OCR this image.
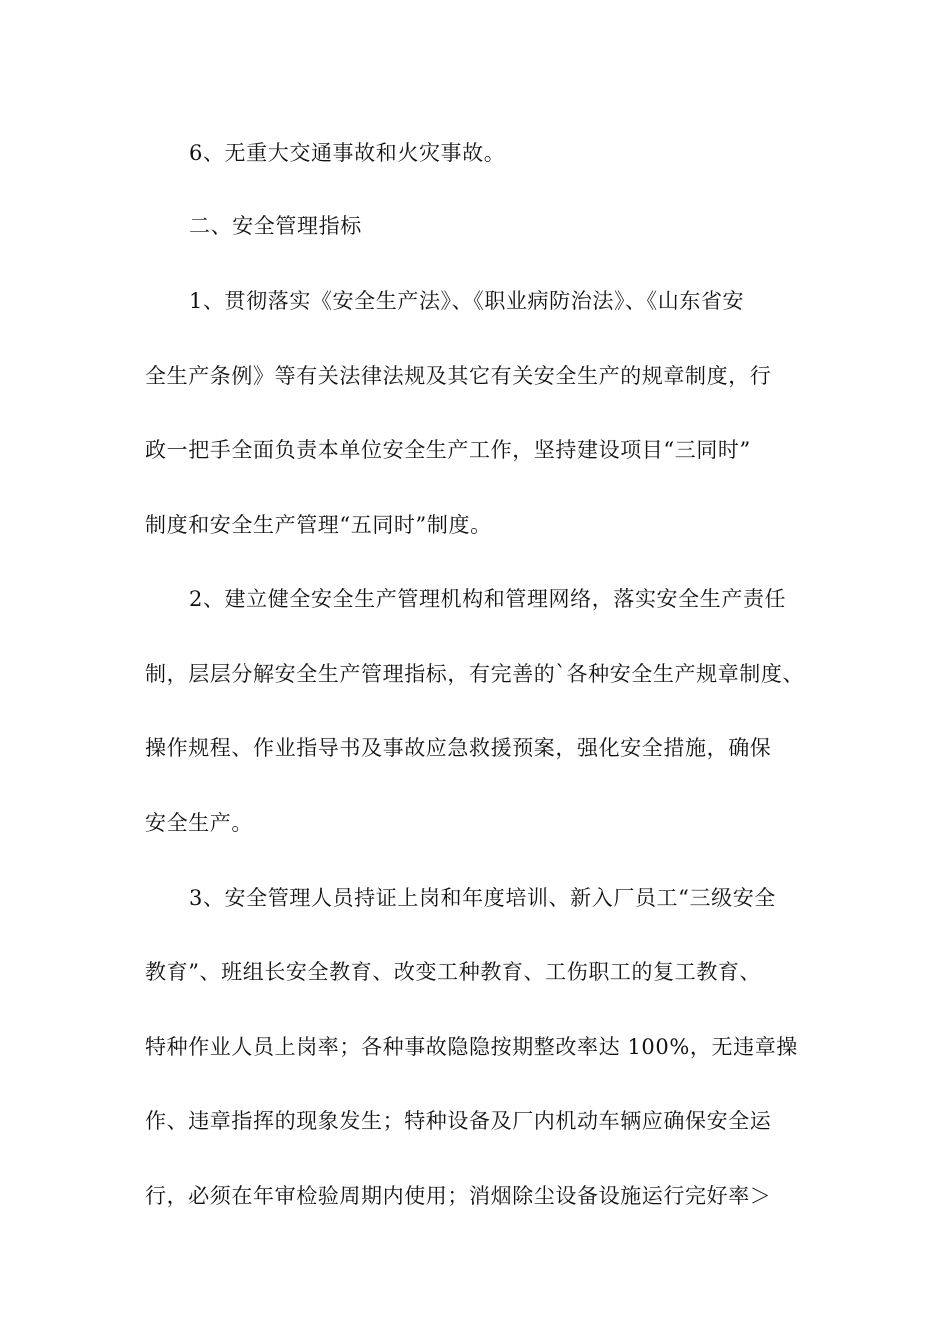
6、无重大交通事故和火灾事故。
二、安全管理指标
1、贯彻落实《安全生产法》、《职业病防治法》、《山东省安
全生产条例》等有关法律法规及其它有关安全生产的规章制度，行
政一把手全面负责本单位安全生产工作，坚持建设项目“三同时”
制度和安全生产管理“五同时”制度。
2、建立健全安全生产管理机构和管理网络，落实安全生产责任
制，层层分解安全生产管理指标，有完善的`各种安全生产规章制度、
操作规程、作业指导书及事故应急救援预案，强化安全措施，确保
安全生产。
3、安全管理人员持证上岗和年度培训、新入厂员工“三级安全
教育”、班组长安全教育、改变工种教育、工伤职工的复工教育、
特种作业人员上岗率；各种事故隐隐按期整改率达 100%，无违章操
作、违章指挥的现象发生；特种设备及厂内机动车辆应确保安全运
行，必须在年审检验周期内使用；消烟除尘设备设施运行完好率＞
